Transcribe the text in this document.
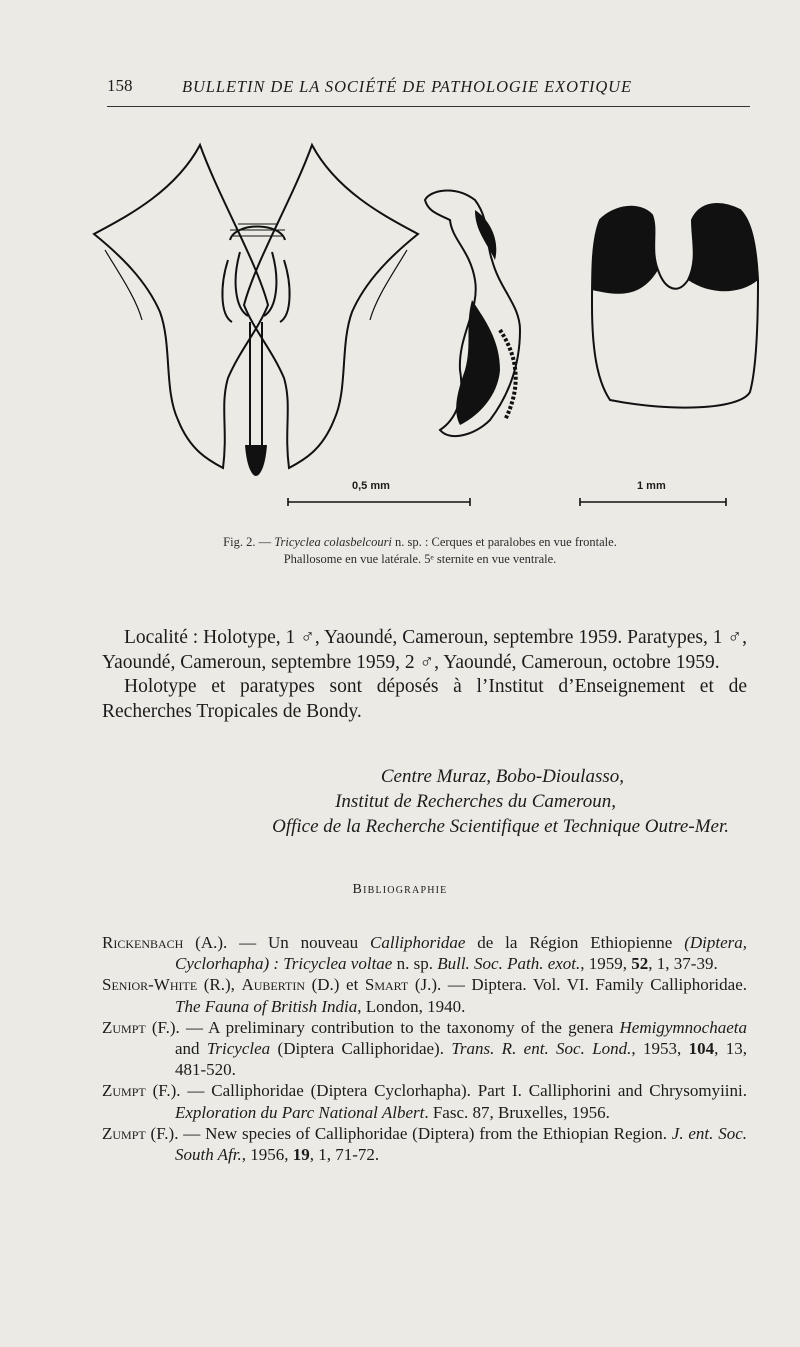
158	BULLETIN DE LA SOCIÉTÉ DE PATHOLOGIE EXOTIQUE
0,5 mm	1 mm
Fig. 2. — Tricyclea colasbelcouri n. sp. : Cerques et paralobes en vue frontale.
Phallosome en vue latérale. 5ᵉ sternite en vue ventrale.

Localité : Holotype, 1 ♂, Yaoundé, Cameroun, septembre 1959. Paratypes, 1 ♂, Yaoundé, Cameroun, septembre 1959, 2 ♂, Yaoundé, Cameroun, octobre 1959.

Holotype et paratypes sont déposés à l’Institut d’Enseignement et de Recherches Tropicales de Bondy.

Centre Muraz, Bobo-Dioulasso,
Institut de Recherches du Cameroun,
Office de la Recherche Scientifique et Technique Outre-Mer.
Bibliographie

Rickenbach (A.). — Un nouveau Calliphoridae de la Région Ethiopienne (Diptera, Cyclorhapha) : Tricyclea voltae n. sp. Bull. Soc. Path. exot., 1959, 52, 1, 37-39.

Senior-White (R.), Aubertin (D.) et Smart (J.). — Diptera. Vol. VI. Family Calliphoridae. The Fauna of British India, London, 1940.

Zumpt (F.). — A preliminary contribution to the taxonomy of the genera Hemigymnochaeta and Tricyclea (Diptera Calliphoridae). Trans. R. ent. Soc. Lond., 1953, 104, 13, 481-520.

Zumpt (F.). — Calliphoridae (Diptera Cyclorhapha). Part I. Calliphorini and Chrysomyiini. Exploration du Parc National Albert. Fasc. 87, Bruxelles, 1956.

Zumpt (F.). — New species of Calliphoridae (Diptera) from the Ethiopian Region. J. ent. Soc. South Afr., 1956, 19, 1, 71-72.
